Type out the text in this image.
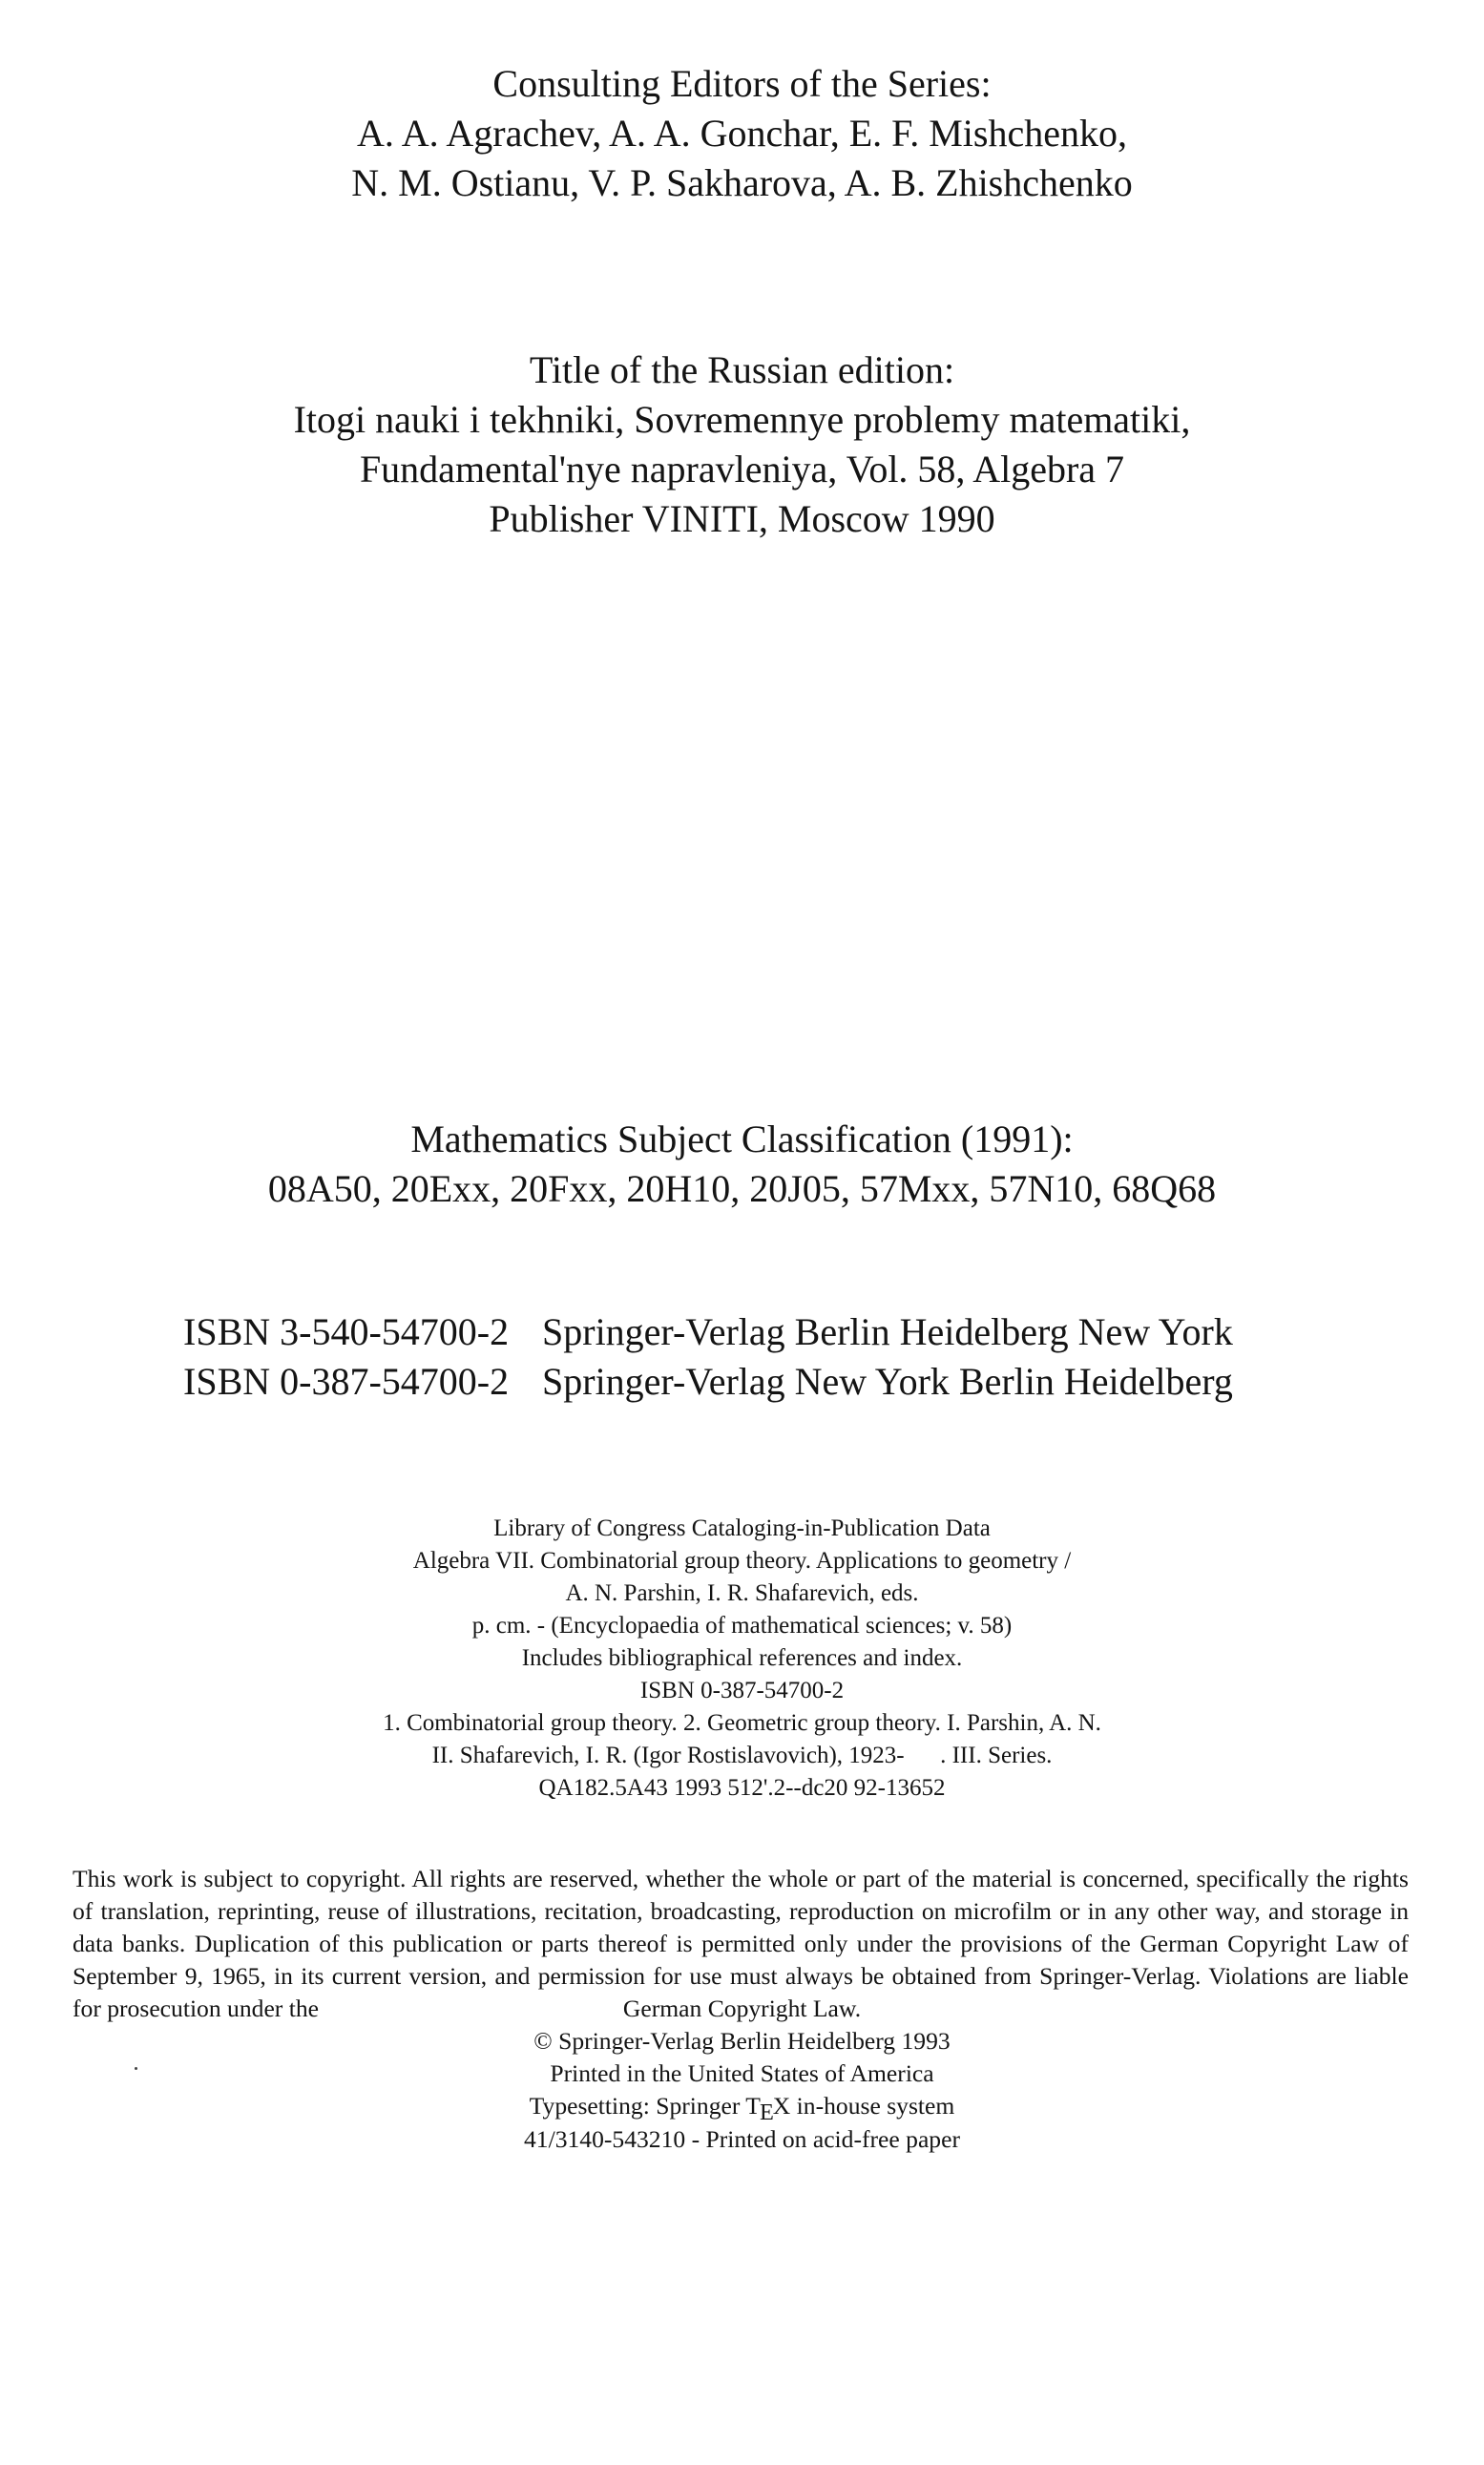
Consulting Editors of the Series:
A. A. Agrachev, A. A. Gonchar, E. F. Mishchenko,
N. M. Ostianu, V. P. Sakharova, A. B. Zhishchenko
Title of the Russian edition:
Itogi nauki i tekhniki, Sovremennye problemy matematiki,
Fundamental'nye napravleniya, Vol. 58, Algebra 7
Publisher VINITI, Moscow 1990
Mathematics Subject Classification (1991):
08A50, 20Exx, 20Fxx, 20H10, 20J05, 57Mxx, 57N10, 68Q68
ISBN 3-540-54700-2 Springer-Verlag Berlin Heidelberg New York
ISBN 0-387-54700-2 Springer-Verlag New York Berlin Heidelberg
Library of Congress Cataloging-in-Publication Data
Algebra VII. Combinatorial group theory. Applications to geometry /
A. N. Parshin, I. R. Shafarevich, eds.
p. cm. - (Encyclopaedia of mathematical sciences; v. 58)
Includes bibliographical references and index.
ISBN 0-387-54700-2
1. Combinatorial group theory. 2. Geometric group theory. I. Parshin, A. N.
II. Shafarevich, I. R. (Igor Rostislavovich), 1923-      . III. Series.
QA182.5A43 1993 512'.2--dc20 92-13652
This work is subject to copyright. All rights are reserved, whether the whole or part of the material is concerned, specifically the rights of translation, reprinting, reuse of illustrations, recitation, broadcasting, reproduction on microfilm or in any other way, and storage in data banks. Duplication of this publication or parts thereof is permitted only under the provisions of the German Copyright Law of September 9, 1965, in its current version, and permission for use must always be obtained from Springer-Verlag. Violations are liable for prosecution under the	German Copyright Law.
© Springer-Verlag Berlin Heidelberg 1993
Printed in the United States of America
Typesetting: Springer TEX in-house system
41/3140-543210 - Printed on acid-free paper
